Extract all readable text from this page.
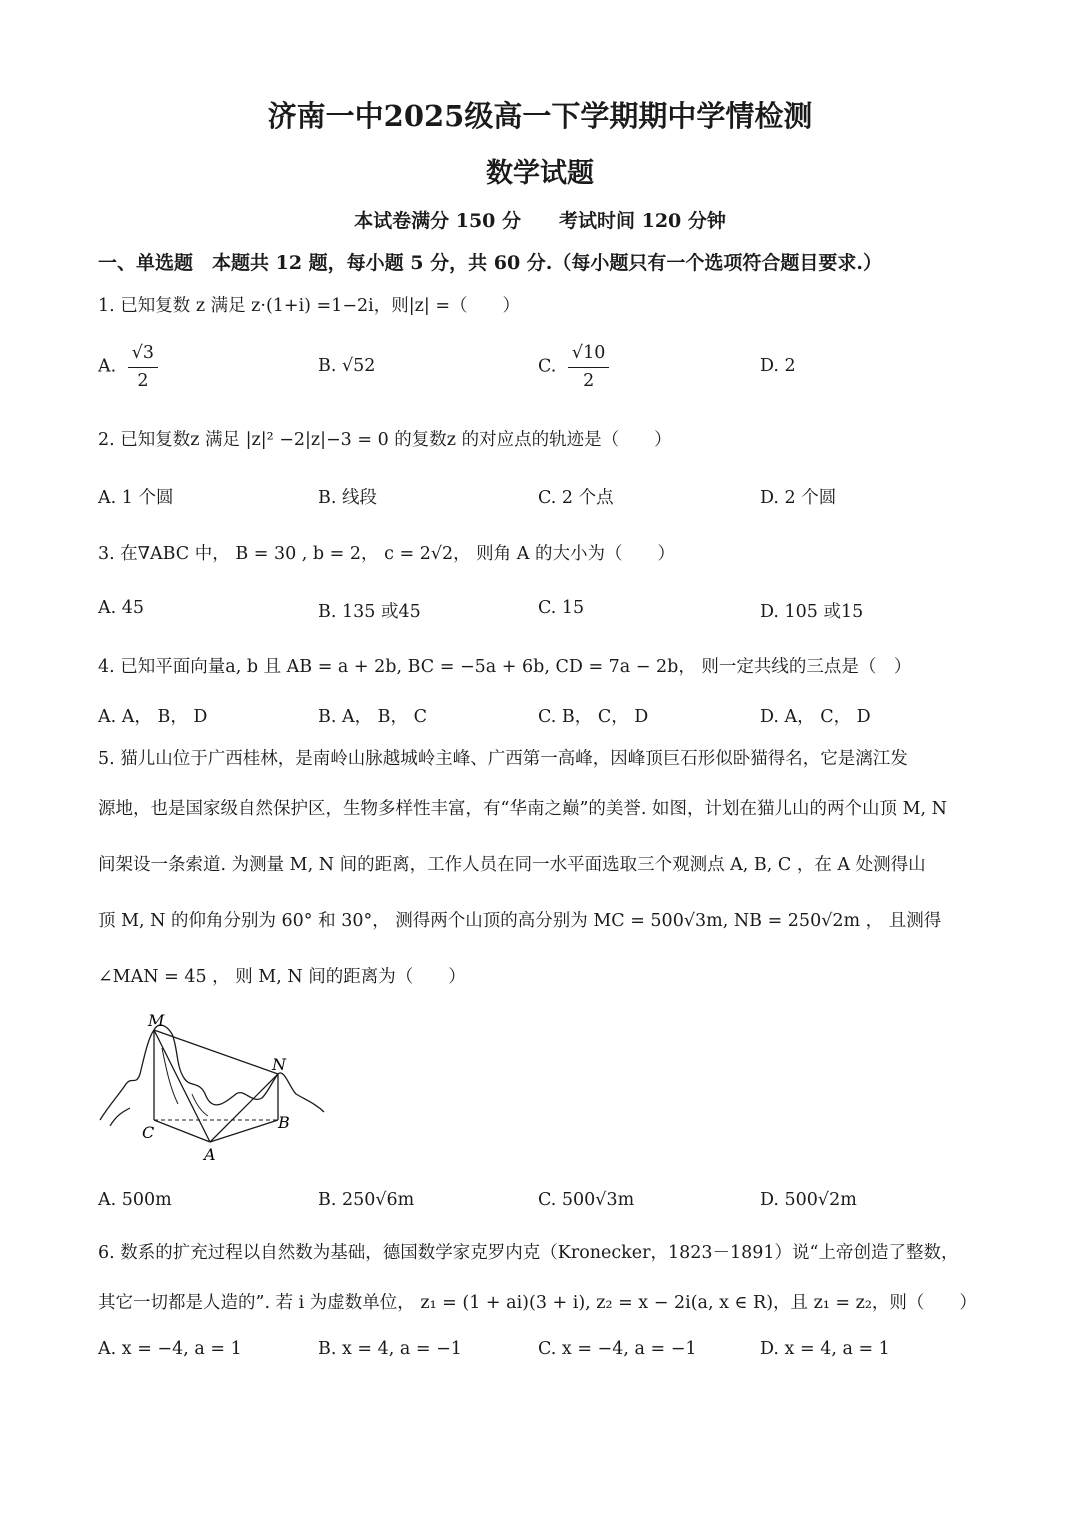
济南一中2025级高一下学期期中学情检测
数学试题
本试卷满分 150 分　　考试时间 120 分钟
一、单选题　本题共 12 题，每小题 5 分，共 60 分.（每小题只有一个选项符合题目要求.）
1. 已知复数 z 满足 z·(1+i) =1−2i，则|z| =（　　）
A. $\frac{√3}{2}$	B. √52	C. $\frac{√10}{2}$	D. 2
2. 已知复数z 满足 |z|² −2|z|−3 = 0 的复数z 的对应点的轨迹是（　　）
A. 1 个圆	B. 线段	C. 2 个点	D. 2 个圆
3. 在∇ABC 中， B = 30 , b = 2， c = 2√2， 则角 A 的大小为（　　）
A. 45	B. 135 或45	C. 15	D. 105 或15
4. 已知平面向量a, b 且 AB = a + 2b, BC = −5a + 6b, CD = 7a − 2b， 则一定共线的三点是（　）
A. A， B， D	B. A， B， C	C. B， C， D	D. A， C， D
5. 猫儿山位于广西桂林，是南岭山脉越城岭主峰、广西第一高峰，因峰顶巨石形似卧猫得名，它是漓江发
源地，也是国家级自然保护区，生物多样性丰富，有“华南之巅”的美誉. 如图，计划在猫儿山的两个山顶 M, N
间架设一条索道. 为测量 M, N 间的距离，工作人员在同一水平面选取三个观测点 A, B, C ，在 A 处测得山
顶 M, N 的仰角分别为 60° 和 30°， 测得两个山顶的高分别为 MC = 500√3m, NB = 250√2m ， 且测得
∠MAN = 45 ， 则 M, N 间的距离为（　　）
M
N
C
B
A
A. 500m	B. 250√6m	C. 500√3m	D. 500√2m
6. 数系的扩充过程以自然数为基础，德国数学家克罗内克（Kronecker，1823－1891）说“上帝创造了整数，
其它一切都是人造的”. 若 i 为虚数单位， z₁ = (1 + ai)(3 + i), z₂ = x − 2i(a, x ∈ R)，且 z₁ = z₂，则（　　）
A. x = −4, a = 1	B. x = 4, a = −1	C. x = −4, a = −1	D. x = 4, a = 1
